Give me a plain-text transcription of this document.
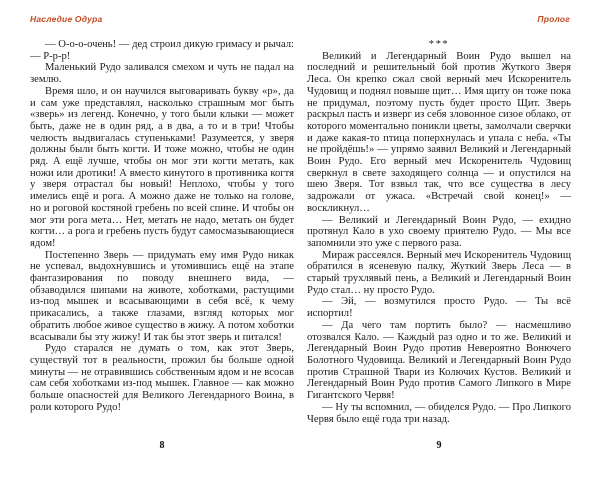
Наследие Одура	Пролог

— О-о-о-очень! — дед строил дикую гримасу и рычал: — Р-р-р!

Маленький Рудо заливался смехом и чуть не падал на землю.

Время шло, и он научился выговаривать букву «р», да и сам уже представлял, насколько страшным мог быть «зверь» из легенд. Конечно, у того были клыки — может быть, даже не в один ряд, а в два, а то и в три! Чтобы челюсть выдвигалась ступеньками! Разумеется, у зверя должны были быть когти. И тоже можно, чтобы не один ряд. А ещё лучше, чтобы он мог эти когти метать, как ножи или дротики! А вместо кинутого в противника когтя у зверя отрастал бы новый! Неплохо, чтобы у того имелись ещё и рога. А можно даже не только на голове, но и роговой костяной гребень по всей спине. И чтобы он мог эти рога мета… Нет, метать не надо, метать он будет когти… а рога и гребень пусть будут самосмазывающиеся ядом!

Постепенно Зверь — придумать ему имя Рудо никак не успевал, выдохнувшись и утомившись ещё на этапе фантазирования по поводу внешнего вида, — обзаводился шипами на животе, хоботками, растущими из-под мышек и всасывающими в себя всё, к чему прикасались, а также глазами, взгляд которых мог обратить любое живое существо в жижу. А потом хоботки всасывали бы эту жижу! И так бы этот зверь и питался!

Рудо старался не думать о том, как этот Зверь, существуй тот в реальности, прожил бы больше одной минуты — не отравившись собственным ядом и не всосав сам себя хоботками из-под мышек. Главное — как можно больше опасностей для Великого Легендарного Воина, в роли которого Рудо!

***

Великий и Легендарный Воин Рудо вышел на последний и решительный бой против Жуткого Зверя Леса. Он крепко сжал свой верный меч Искоренитель Чудовищ и поднял повыше щит… Имя щиту он тоже пока не придумал, поэтому пусть будет просто Щит. Зверь раскрыл пасть и изверг из себя зловонное сизое облако, от которого моментально поникли цветы, замолчали сверчки и даже какая-то птица поперхнулась и упала с неба. «Ты не пройдёшь!» — упрямо заявил Великий и Легендарный Воин Рудо. Его верный меч Искоренитель Чудовищ сверкнул в свете заходящего солнца — и опустился на шею Зверя. Тот взвыл так, что все существа в лесу задрожали от ужаса. «Встречай свой конец!» — воскликнул…

— Великий и Легендарный Воин Рудо, — ехидно протянул Кало в ухо своему приятелю Рудо. — Мы все запомнили это уже с первого раза.

Мираж рассеялся. Верный меч Искоренитель Чудовищ обратился в ясеневую палку, Жуткий Зверь Леса — в старый трухлявый пень, а Великий и Легендарный Воин Рудо стал… ну просто Рудо.

— Эй, — возмутился просто Рудо. — Ты всё испортил!

— Да чего там портить было? — насмешливо отозвался Кало. — Каждый раз одно и то же. Великий и Легендарный Воин Рудо против Невероятно Вонючего Болотного Чудовища. Великий и Легендарный Воин Рудо против Страшной Твари из Колючих Кустов. Великий и Легендарный Воин Рудо против Самого Липкого в Мире Гигантского Червя!

— Ну ты вспомнил, — обиделся Рудо. — Про Липкого Червя было ещё года три назад.

8	9
